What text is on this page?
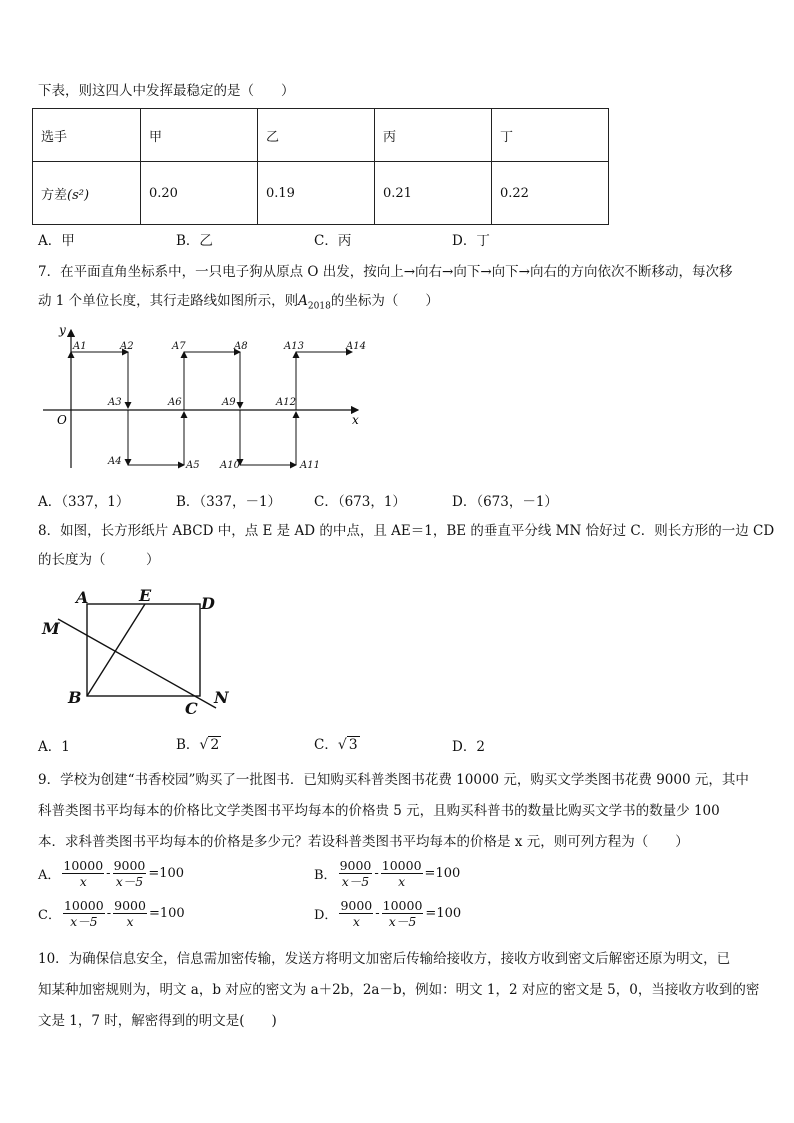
下表，则这四人中发挥最稳定的是（　　）
选手	甲	乙	丙	丁
方差(s²)	0.20	0.19	0.21	0.22
A．甲	B．乙	C．丙	D．丁
7．在平面直角坐标系中，一只电子狗从原点 O 出发，按向上→向右→向下→向下→向右的方向依次不断移动，每次移
动 1 个单位长度，其行走路线如图所示，则$A_{2018}$的坐标为（　　）
y
x
O
A1	A2
A3
A4	A5
A6
A7	A8
A9
A10	A11
A12
A13	A14
A．（337，1）	B．（337，－1） C．（673，1）	D．（673，－1）
8．如图，长方形纸片 ABCD 中，点 E 是 AD 的中点，且 AE＝1，BE 的垂直平分线 MN 恰好过 C．则长方形的一边 CD
的长度为（　　　）
A	E	D
M
B
C
N
A．1	B．√ 2	C．√ 3	D．2
9．学校为创建“书香校园”购买了一批图书．已知购买科普类图书花费 10000 元，购买文学类图书花费 9000 元，其中
科普类图书平均每本的价格比文学类图书平均每本的价格贵 5 元，且购买科普书的数量比购买文学书的数量少 100
本．求科普类图书平均每本的价格是多少元？若设科普类图书平均每本的价格是 x 元，则可列方程为（　　）
A． $\frac{10000}{x} - \frac{9000}{x-5} =100$	B． $\frac{9000}{x-5} - \frac{10000}{x} =100$
C． $\frac{10000}{x-5} - \frac{9000}{x} =100$	D． $\frac{9000}{x} - \frac{10000}{x-5} =100$
10．为确保信息安全，信息需加密传输，发送方将明文加密后传输给接收方，接收方收到密文后解密还原为明文，已
知某种加密规则为，明文 a，b 对应的密文为 a＋2b，2a－b，例如：明文 1，2 对应的密文是 5，0，当接收方收到的密
文是 1，7 时，解密得到的明文是(　　)
